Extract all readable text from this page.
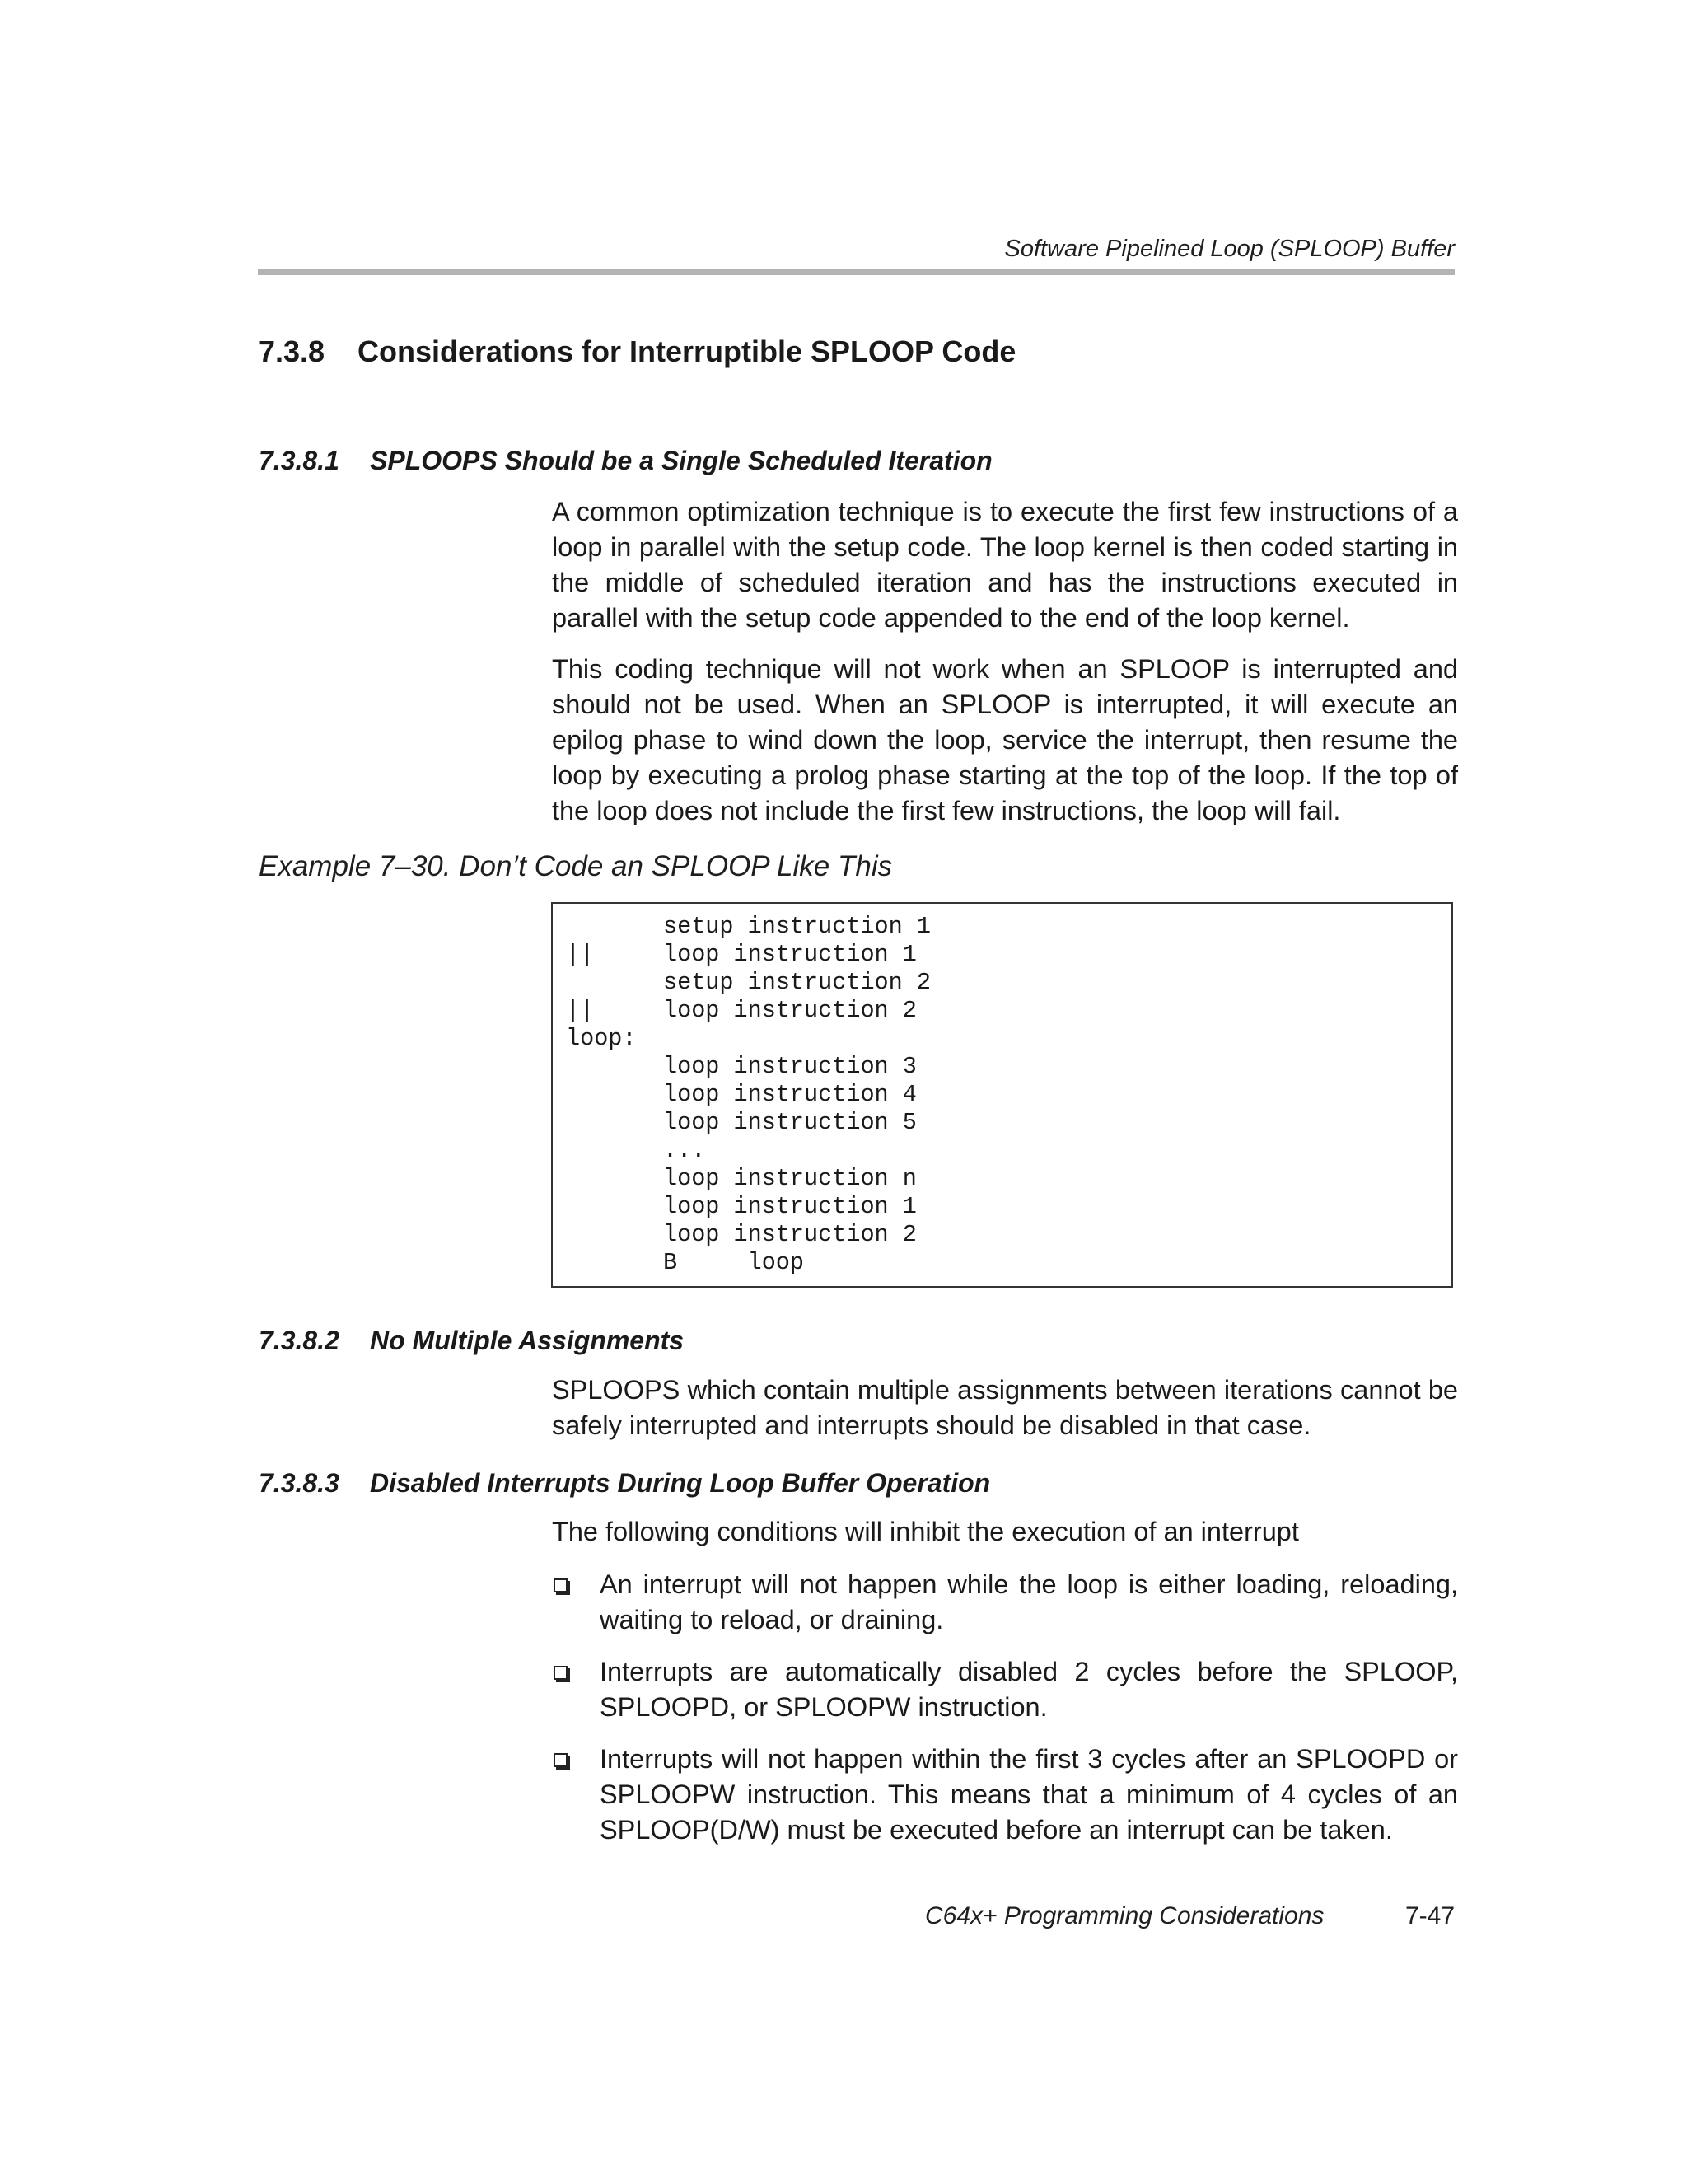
Software Pipelined Loop (SPLOOP) Buffer
7.3.8 Considerations for Interruptible SPLOOP Code
7.3.8.1 SPLOOPS Should be a Single Scheduled Iteration
A common optimization technique is to execute the first few instructions of a loop in parallel with the setup code. The loop kernel is then coded starting in the middle of scheduled iteration and has the instructions executed in parallel with the setup code appended to the end of the loop kernel.
This coding technique will not work when an SPLOOP is interrupted and should not be used. When an SPLOOP is interrupted, it will execute an epilog phase to wind down the loop, service the interrupt, then resume the loop by executing a prolog phase starting at the top of the loop. If the top of the loop does not include the first few instructions, the loop will fail.
Example 7–30. Don’t Code an SPLOOP Like This
setup instruction 1
||	loop instruction 1
setup instruction 2
||	loop instruction 2
loop:
loop instruction 3
loop instruction 4
loop instruction 5
...
loop instruction n
loop instruction 1
loop instruction 2
B     loop
7.3.8.2 No Multiple Assignments
SPLOOPS which contain multiple assignments between iterations cannot be safely interrupted and interrupts should be disabled in that case.
7.3.8.3 Disabled Interrupts During Loop Buffer Operation
The following conditions will inhibit the execution of an interrupt
An interrupt will not happen while the loop is either loading, reloading, waiting to reload, or draining.
Interrupts are automatically disabled 2 cycles before the SPLOOP, SPLOOPD, or SPLOOPW instruction.
Interrupts will not happen within the first 3 cycles after an SPLOOPD or SPLOOPW instruction. This means that a minimum of 4 cycles of an SPLOOP(D/W) must be executed before an interrupt can be taken.
C64x+ Programming Considerations	7-47
